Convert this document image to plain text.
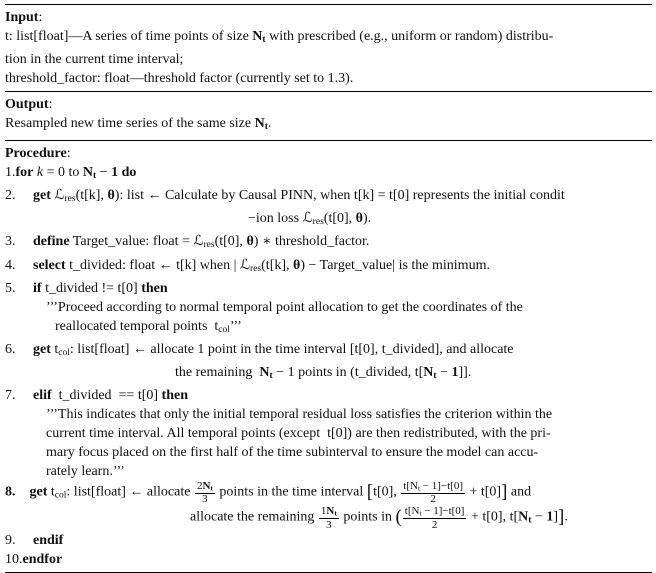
Input:
t: list[float]—A series of time points of size $N_t$ with prescribed (e.g., uniform or random) distribu-
tion in the current time interval;
threshold_factor: float—threshold factor (currently set to 1.3).
Output:
Resampled new time series of the same size $N_t$.
Procedure:
1.for k = 0 to $N_t - 1$ do
2. get ℒ$_{res}$(t[k], θ): list ← Calculate by Causal PINN, when t[k] = t[0] represents the initial condit
−ion loss ℒ$_{res}$(t[0], θ).
3. define Target_value: float = ℒ$_{res}$(t[0], θ) ∗ threshold_factor.
4. select t_divided: float ← t[k] when | ℒ$_{res}$(t[k], θ) − Target_value| is the minimum.
5. if t_divided != t[0] then
’’’Proceed according to normal temporal point allocation to get the coordinates of the
reallocated temporal points  $t_{col}$’’’
6. get $t_{col}$: list[float] ← allocate 1 point in the time interval [t[0], t_divided], and allocate
the remaining  $N_t - 1$ points in (t_divided, $t[N_t - 1]$].
7. elif  t_divided  == t[0] then
’’’This indicates that only the initial temporal residual loss satisfies the criterion within the
current time interval. All temporal points (except  t[0]) are then redistributed, with the pri-
mary focus placed on the first half of the time subinterval to ensure the model can accu-
rately learn.’’’
8. get $t_{col}$: list[float] ← allocate $\frac{2N_t}{3}$ points in the time interval [t[0], $\frac{t[N_t - 1]-t[0]}{2} + t[0]$] and
allocate the remaining $\frac{1N_t}{3}$ points in ( $\frac{t[N_t - 1]-t[0]}{2} + t[0]$, $t[N_t - 1]$].
9. endif
10.endfor
